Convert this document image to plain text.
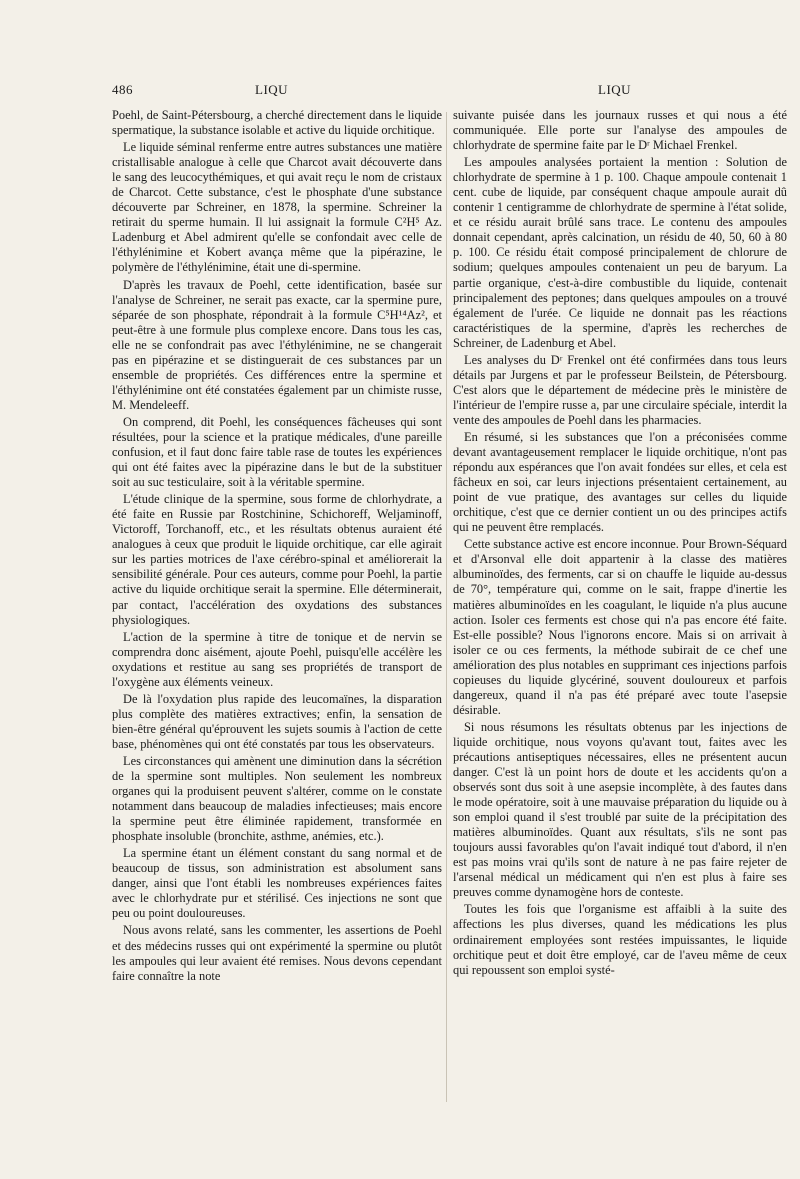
486	LIQU	LIQU

Poehl, de Saint-Pétersbourg, a cherché directement dans le liquide spermatique, la substance isolable et active du liquide orchitique.

Le liquide séminal renferme entre autres substances une matière cristallisable analogue à celle que Charcot avait découverte dans le sang des leucocythémiques, et qui avait reçu le nom de cristaux de Charcot. Cette substance, c'est le phosphate d'une substance découverte par Schreiner, en 1878, la spermine. Schreiner la retirait du sperme humain. Il lui assignait la formule C²H⁵ Az. Ladenburg et Abel admirent qu'elle se confondait avec celle de l'éthylénimine et Kobert avança même que la pipérazine, le polymère de l'éthylénimine, était une di-spermine.

D'après les travaux de Poehl, cette identification, basée sur l'analyse de Schreiner, ne serait pas exacte, car la spermine pure, séparée de son phosphate, répondrait à la formule C⁵H¹⁴Az², et peut-être à une formule plus complexe encore. Dans tous les cas, elle ne se confondrait pas avec l'éthylénimine, ne se changerait pas en pipérazine et se distinguerait de ces substances par un ensemble de propriétés. Ces différences entre la spermine et l'éthylénimine ont été constatées également par un chimiste russe, M. Mendeleeff.

On comprend, dit Poehl, les conséquences fâcheuses qui sont résultées, pour la science et la pratique médicales, d'une pareille confusion, et il faut donc faire table rase de toutes les expériences qui ont été faites avec la pipérazine dans le but de la substituer soit au suc testiculaire, soit à la véritable spermine.

L'étude clinique de la spermine, sous forme de chlorhydrate, a été faite en Russie par Rostchinine, Schichoreff, Weljaminoff, Victoroff, Torchanoff, etc., et les résultats obtenus auraient été analogues à ceux que produit le liquide orchitique, car elle agirait sur les parties motrices de l'axe cérébro-spinal et améliorerait la sensibilité générale. Pour ces auteurs, comme pour Poehl, la partie active du liquide orchitique serait la spermine. Elle déterminerait, par contact, l'accélération des oxydations des substances physiologiques.

L'action de la spermine à titre de tonique et de nervin se comprendra donc aisément, ajoute Poehl, puisqu'elle accélère les oxydations et restitue au sang ses propriétés de transport de l'oxygène aux éléments veineux.

De là l'oxydation plus rapide des leucomaïnes, la disparation plus complète des matières extractives; enfin, la sensation de bien-être général qu'éprouvent les sujets soumis à l'action de cette base, phénomènes qui ont été constatés par tous les observateurs.

Les circonstances qui amènent une diminution dans la sécrétion de la spermine sont multiples. Non seulement les nombreux organes qui la produisent peuvent s'altérer, comme on le constate notamment dans beaucoup de maladies infectieuses; mais encore la spermine peut être éliminée rapidement, transformée en phosphate insoluble (bronchite, asthme, anémies, etc.).

La spermine étant un élément constant du sang normal et de beaucoup de tissus, son administration est absolument sans danger, ainsi que l'ont établi les nombreuses expériences faites avec le chlorhydrate pur et stérilisé. Ces injections ne sont que peu ou point douloureuses.

Nous avons relaté, sans les commenter, les assertions de Poehl et des médecins russes qui ont expérimenté la spermine ou plutôt les ampoules qui leur avaient été remises. Nous devons cependant faire connaître la note

suivante puisée dans les journaux russes et qui nous a été communiquée. Elle porte sur l'analyse des ampoules de chlorhydrate de spermine faite par le Dʳ Michael Frenkel.

Les ampoules analysées portaient la mention : Solution de chlorhydrate de spermine à 1 p. 100. Chaque ampoule contenait 1 cent. cube de liquide, par conséquent chaque ampoule aurait dû contenir 1 centigramme de chlorhydrate de spermine à l'état solide, et ce résidu aurait brûlé sans trace. Le contenu des ampoules donnait cependant, après calcination, un résidu de 40, 50, 60 à 80 p. 100. Ce résidu était composé principalement de chlorure de sodium; quelques ampoules contenaient un peu de baryum. La partie organique, c'est-à-dire combustible du liquide, contenait principalement des peptones; dans quelques ampoules on a trouvé également de l'urée. Ce liquide ne donnait pas les réactions caractéristiques de la spermine, d'après les recherches de Schreiner, de Ladenburg et Abel.

Les analyses du Dʳ Frenkel ont été confirmées dans tous leurs détails par Jurgens et par le professeur Beilstein, de Pétersbourg. C'est alors que le département de médecine près le ministère de l'intérieur de l'empire russe a, par une circulaire spéciale, interdit la vente des ampoules de Poehl dans les pharmacies.

En résumé, si les substances que l'on a préconisées comme devant avantageusement remplacer le liquide orchitique, n'ont pas répondu aux espérances que l'on avait fondées sur elles, et cela est fâcheux en soi, car leurs injections présentaient certainement, au point de vue pratique, des avantages sur celles du liquide orchitique, c'est que ce dernier contient un ou des principes actifs qui ne peuvent être remplacés.

Cette substance active est encore inconnue. Pour Brown-Séquard et d'Arsonval elle doit appartenir à la classe des matières albuminoïdes, des ferments, car si on chauffe le liquide au-dessus de 70°, température qui, comme on le sait, frappe d'inertie les matières albuminoïdes en les coagulant, le liquide n'a plus aucune action. Isoler ces ferments est chose qui n'a pas encore été faite. Est-elle possible? Nous l'ignorons encore. Mais si on arrivait à isoler ce ou ces ferments, la méthode subirait de ce chef une amélioration des plus notables en supprimant ces injections parfois copieuses du liquide glycériné, souvent douloureux et parfois dangereux, quand il n'a pas été préparé avec toute l'asepsie désirable.

Si nous résumons les résultats obtenus par les injections de liquide orchitique, nous voyons qu'avant tout, faites avec les précautions antiseptiques nécessaires, elles ne présentent aucun danger. C'est là un point hors de doute et les accidents qu'on a observés sont dus soit à une asepsie incomplète, à des fautes dans le mode opératoire, soit à une mauvaise préparation du liquide ou à son emploi quand il s'est troublé par suite de la précipitation des matières albuminoïdes. Quant aux résultats, s'ils ne sont pas toujours aussi favorables qu'on l'avait indiqué tout d'abord, il n'en est pas moins vrai qu'ils sont de nature à ne pas faire rejeter de l'arsenal médical un médicament qui n'en est plus à faire ses preuves comme dynamogène hors de conteste.

Toutes les fois que l'organisme est affaibli à la suite des affections les plus diverses, quand les médications les plus ordinairement employées sont restées impuissantes, le liquide orchitique peut et doit être employé, car de l'aveu même de ceux qui repoussent son emploi systé-
